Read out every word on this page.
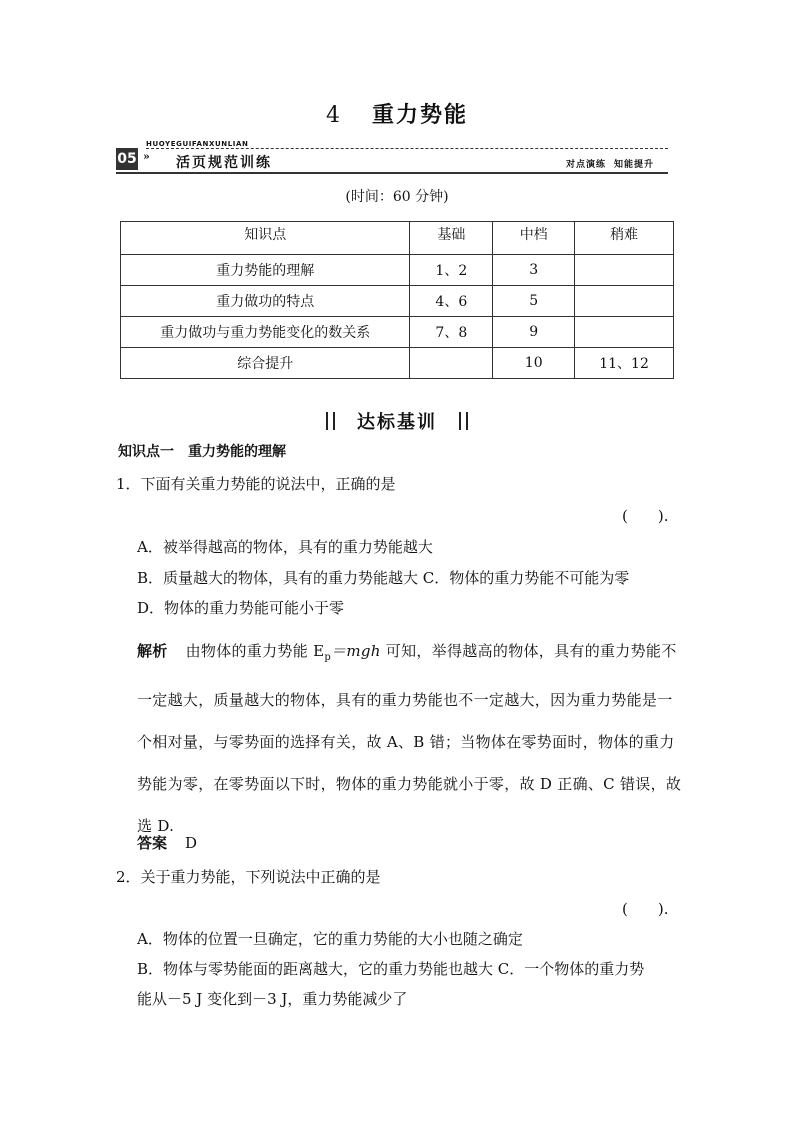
4 重力势能
HUOYEGUIFANXUNLIAN
05 » 活页规范训练	对点演练 知能提升
(时间：60 分钟)
知识点	基础	中档	稍难
重力势能的理解	1、2	3	
重力做功的特点	4、6	5	
重力做功与重力势能变化的数关系	7、8	9	
综合提升		10	11、12
达标基训
知识点一　重力势能的理解
1．下面有关重力势能的说法中，正确的是
(　　).
A．被举得越高的物体，具有的重力势能越大
B．质量越大的物体，具有的重力势能越大 C．物体的重力势能不可能为零
D．物体的重力势能可能小于零
解析 由物体的重力势能 $E_p=mgh$ 可知，举得越高的物体，具有的重力势能不一定越大，质量越大的物体，具有的重力势能也不一定越大，因为重力势能是一个相对量，与零势面的选择有关，故 A、B 错；当物体在零势面时，物体的重力势能为零，在零势面以下时，物体的重力势能就小于零，故 D 正确、C 错误，故选 D.
答案 D
2．关于重力势能，下列说法中正确的是
(　　).
A．物体的位置一旦确定，它的重力势能的大小也随之确定
B．物体与零势能面的距离越大，它的重力势能也越大 C．一个物体的重力势
能从－5 J 变化到－3 J，重力势能减少了
